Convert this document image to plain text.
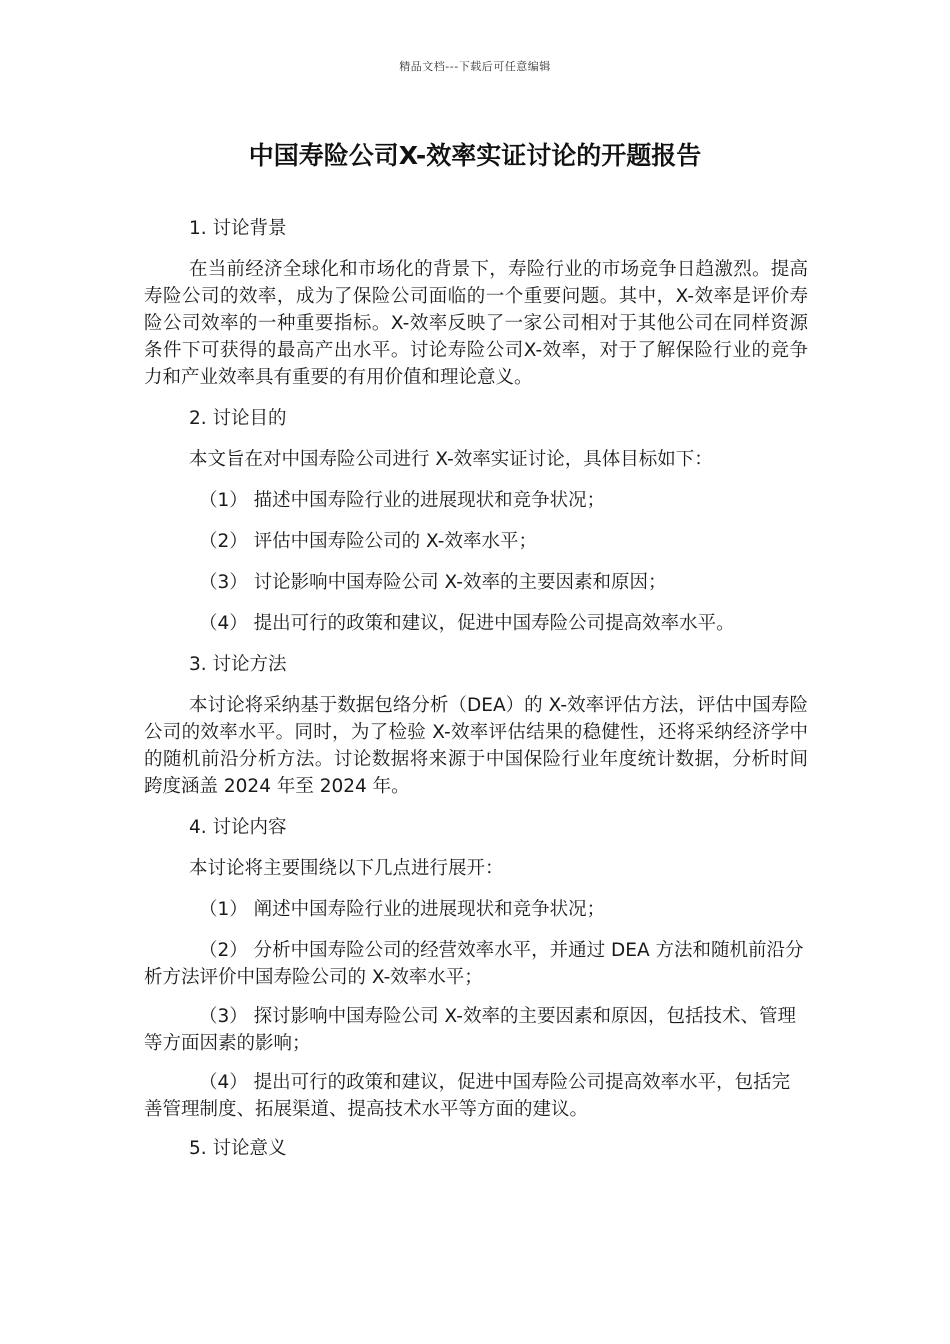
精品文档---下载后可任意编辑
中国寿险公司X-效率实证讨论的开题报告

1. 讨论背景

在当前经济全球化和市场化的背景下，寿险行业的市场竞争日趋激烈。提高寿险公司的效率，成为了保险公司面临的一个重要问题。其中，X-效率是评价寿险公司效率的一种重要指标。X-效率反映了一家公司相对于其他公司在同样资源条件下可获得的最高产出水平。讨论寿险公司X-效率，对于了解保险行业的竞争力和产业效率具有重要的有用价值和理论意义。

2. 讨论目的

本文旨在对中国寿险公司进行 X-效率实证讨论，具体目标如下：

（1） 描述中国寿险行业的进展现状和竞争状况；

（2） 评估中国寿险公司的 X-效率水平；

（3） 讨论影响中国寿险公司 X-效率的主要因素和原因；

（4） 提出可行的政策和建议，促进中国寿险公司提高效率水平。

3. 讨论方法

本讨论将采纳基于数据包络分析（DEA）的 X-效率评估方法，评估中国寿险公司的效率水平。同时，为了检验 X-效率评估结果的稳健性，还将采纳经济学中的随机前沿分析方法。讨论数据将来源于中国保险行业年度统计数据，分析时间跨度涵盖 2024 年至 2024 年。

4. 讨论内容

本讨论将主要围绕以下几点进行展开：

（1） 阐述中国寿险行业的进展现状和竞争状况；

（2） 分析中国寿险公司的经营效率水平，并通过 DEA 方法和随机前沿分析方法评价中国寿险公司的 X-效率水平；

（3） 探讨影响中国寿险公司 X-效率的主要因素和原因，包括技术、管理等方面因素的影响；

（4） 提出可行的政策和建议，促进中国寿险公司提高效率水平，包括完善管理制度、拓展渠道、提高技术水平等方面的建议。

5. 讨论意义
